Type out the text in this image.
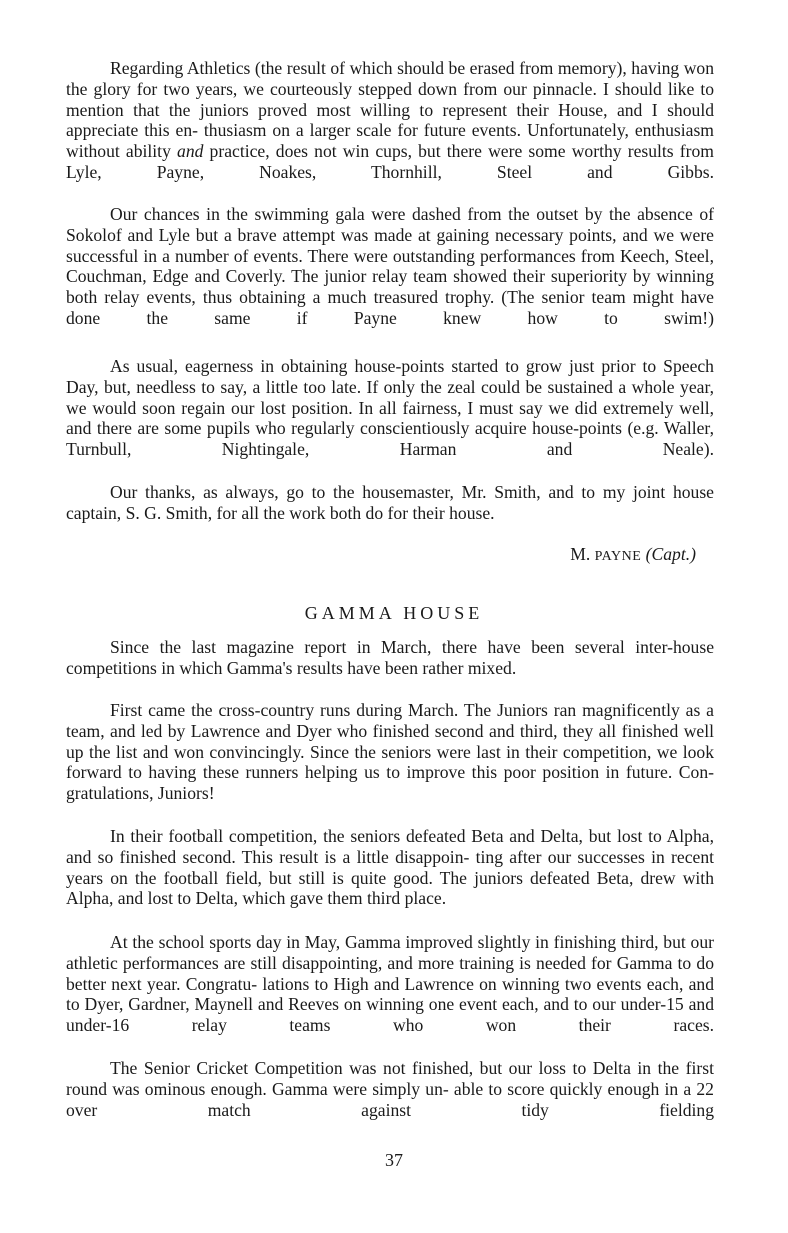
Regarding Athletics (the result of which should be erased from memory), having won the glory for two years, we courteously stepped down from our pinnacle. I should like to mention that the juniors proved most willing to represent their House, and I should appreciate this en- thusiasm on a larger scale for future events. Unfortunately, enthusiasm without ability and practice, does not win cups, but there were some worthy results from Lyle, Payne, Noakes, Thornhill, Steel and Gibbs.
Our chances in the swimming gala were dashed from the outset by the absence of Sokolof and Lyle but a brave attempt was made at gaining necessary points, and we were successful in a number of events. There were outstanding performances from Keech, Steel, Couchman, Edge and Coverly. The junior relay team showed their superiority by winning both relay events, thus obtaining a much treasured trophy. (The senior team might have done the same if Payne knew how to swim!)
As usual, eagerness in obtaining house-points started to grow just prior to Speech Day, but, needless to say, a little too late. If only the zeal could be sustained a whole year, we would soon regain our lost position. In all fairness, I must say we did extremely well, and there are some pupils who regularly conscientiously acquire house-points (e.g. Waller, Turnbull, Nightingale, Harman and Neale).
Our thanks, as always, go to the housemaster, Mr. Smith, and to my joint house captain, S. G. Smith, for all the work both do for their house.
M. PAYNE (Capt.)
GAMMA HOUSE
Since the last magazine report in March, there have been several inter-house competitions in which Gamma's results have been rather mixed.
First came the cross-country runs during March. The Juniors ran magnificently as a team, and led by Lawrence and Dyer who finished second and third, they all finished well up the list and won convincingly. Since the seniors were last in their competition, we look forward to having these runners helping us to improve this poor position in future. Con- gratulations, Juniors!
In their football competition, the seniors defeated Beta and Delta, but lost to Alpha, and so finished second. This result is a little disappoin- ting after our successes in recent years on the football field, but still is quite good. The juniors defeated Beta, drew with Alpha, and lost to Delta, which gave them third place.
At the school sports day in May, Gamma improved slightly in finishing third, but our athletic performances are still disappointing, and more training is needed for Gamma to do better next year. Congratu- lations to High and Lawrence on winning two events each, and to Dyer, Gardner, Maynell and Reeves on winning one event each, and to our under-15 and under-16 relay teams who won their races.
The Senior Cricket Competition was not finished, but our loss to Delta in the first round was ominous enough. Gamma were simply un- able to score quickly enough in a 22 over match against tidy fielding
37
